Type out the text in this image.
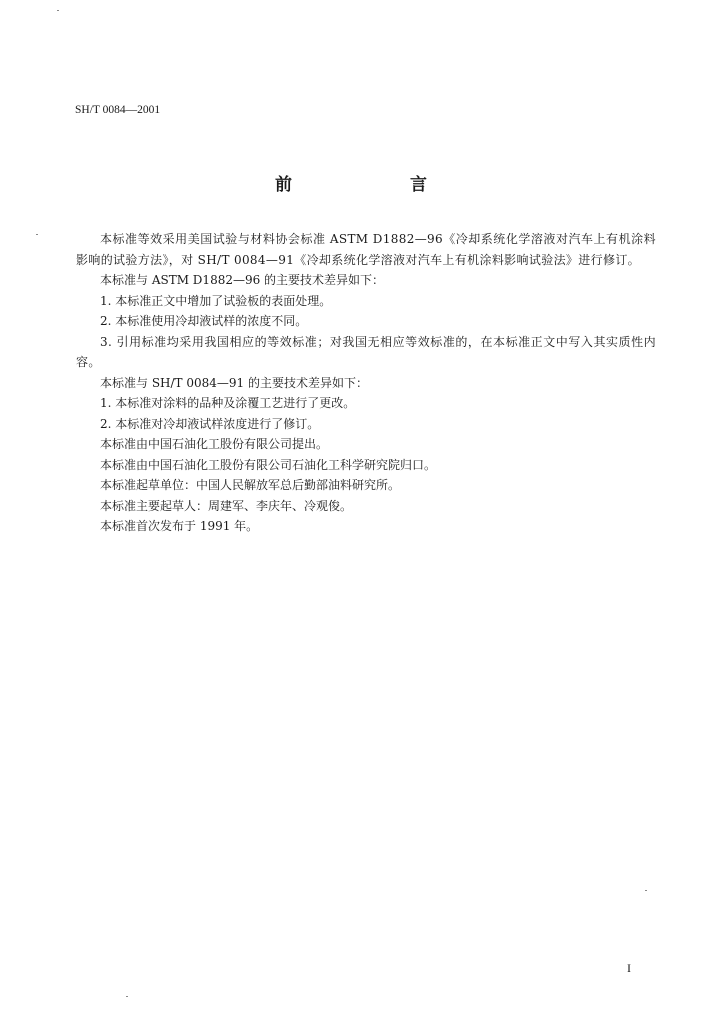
SH/T 0084—2001
前 言

本标准等效采用美国试验与材料协会标准 ASTM D1882—96《冷却系统化学溶液对汽车上有机涂料影响的试验方法》，对 SH/T 0084—91《冷却系统化学溶液对汽车上有机涂料影响试验法》进行修订。

本标准与 ASTM D1882—96 的主要技术差异如下：

1. 本标准正文中增加了试验板的表面处理。

2. 本标准使用冷却液试样的浓度不同。

3. 引用标准均采用我国相应的等效标准；对我国无相应等效标准的，在本标准正文中写入其实质性内容。

本标准与 SH/T 0084—91 的主要技术差异如下：

1. 本标准对涂料的品种及涂覆工艺进行了更改。

2. 本标准对冷却液试样浓度进行了修订。

本标准由中国石油化工股份有限公司提出。

本标准由中国石油化工股份有限公司石油化工科学研究院归口。

本标准起草单位：中国人民解放军总后勤部油料研究所。

本标准主要起草人：周建军、李庆年、冷观俊。

本标准首次发布于 1991 年。

I
